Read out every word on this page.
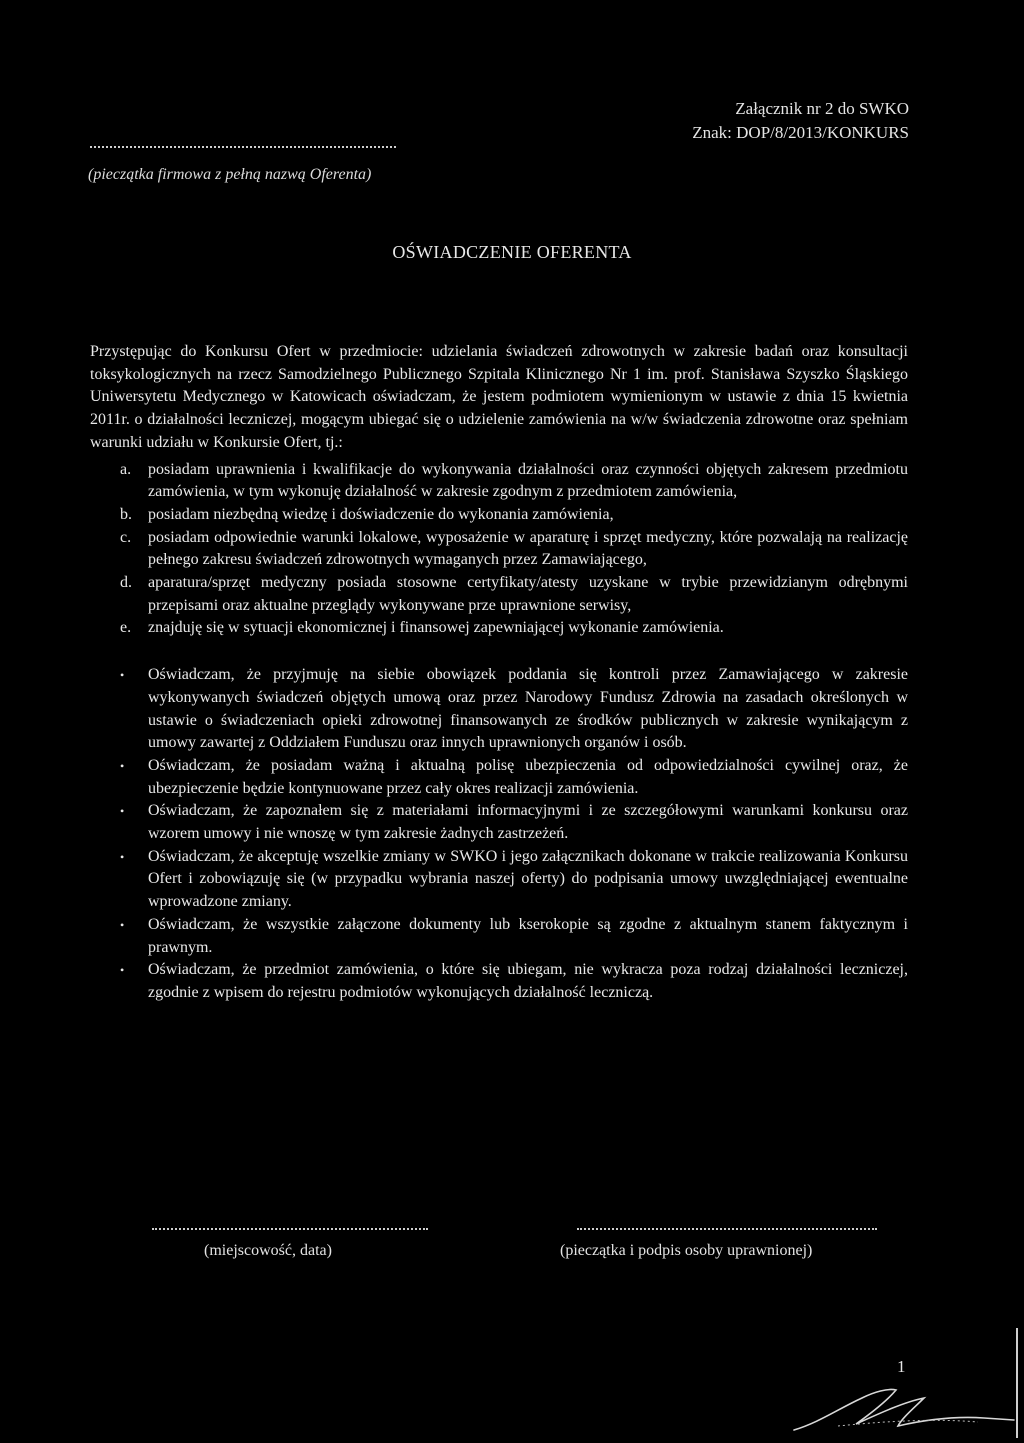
(pieczątka firmowa z pełną nazwą Oferenta)
Załącznik nr 2 do SWKO
Znak: DOP/8/2013/KONKURS
OŚWIADCZENIE OFERENTA

Przystępując do Konkursu Ofert w przedmiocie: udzielania świadczeń zdrowotnych w zakresie badań oraz konsultacji toksykologicznych na rzecz Samodzielnego Publicznego Szpitala Klinicznego Nr 1 im. prof. Stanisława Szyszko Śląskiego Uniwersytetu Medycznego w Katowicach oświadczam, że jestem podmiotem wymienionym w ustawie z dnia 15 kwietnia 2011r. o działalności leczniczej, mogącym ubiegać się o udzielenie zamówienia na w/w świadczenia zdrowotne oraz spełniam warunki udziału w Konkursie Ofert, tj.:

a. posiadam uprawnienia i kwalifikacje do wykonywania działalności oraz czynności objętych zakresem przedmiotu zamówienia, w tym wykonuję działalność w zakresie zgodnym z przedmiotem zamówienia,
b. posiadam niezbędną wiedzę i doświadczenie do wykonania zamówienia,
c. posiadam odpowiednie warunki lokalowe, wyposażenie w aparaturę i sprzęt medyczny, które pozwalają na realizację pełnego zakresu świadczeń zdrowotnych wymaganych przez Zamawiającego,
d. aparatura/sprzęt medyczny posiada stosowne certyfikaty/atesty uzyskane w trybie przewidzianym odrębnymi przepisami oraz aktualne przeglądy wykonywane prze uprawnione serwisy,
e. znajduję się w sytuacji ekonomicznej i finansowej zapewniającej wykonanie zamówienia.
• Oświadczam, że przyjmuję na siebie obowiązek poddania się kontroli przez Zamawiającego w zakresie wykonywanych świadczeń objętych umową oraz przez Narodowy Fundusz Zdrowia na zasadach określonych w ustawie o świadczeniach opieki zdrowotnej finansowanych ze środków publicznych w zakresie wynikającym z umowy zawartej z Oddziałem Funduszu oraz innych uprawnionych organów i osób.
• Oświadczam, że posiadam ważną i aktualną polisę ubezpieczenia od odpowiedzialności cywilnej oraz, że ubezpieczenie będzie kontynuowane przez cały okres realizacji zamówienia.
• Oświadczam, że zapoznałem się z materiałami informacyjnymi i ze szczegółowymi warunkami konkursu oraz wzorem umowy i nie wnoszę w tym zakresie żadnych zastrzeżeń.
• Oświadczam, że akceptuję wszelkie zmiany w SWKO i jego załącznikach dokonane w trakcie realizowania Konkursu Ofert i zobowiązuję się (w przypadku wybrania naszej oferty) do podpisania umowy uwzględniającej ewentualne wprowadzone zmiany.
• Oświadczam, że wszystkie załączone dokumenty lub kserokopie są zgodne z aktualnym stanem faktycznym i prawnym.
• Oświadczam, że przedmiot zamówienia, o które się ubiegam, nie wykracza poza rodzaj działalności leczniczej, zgodnie z wpisem do rejestru podmiotów wykonujących działalność leczniczą.
(miejscowość, data)	(pieczątka i podpis osoby uprawnionej)
1
